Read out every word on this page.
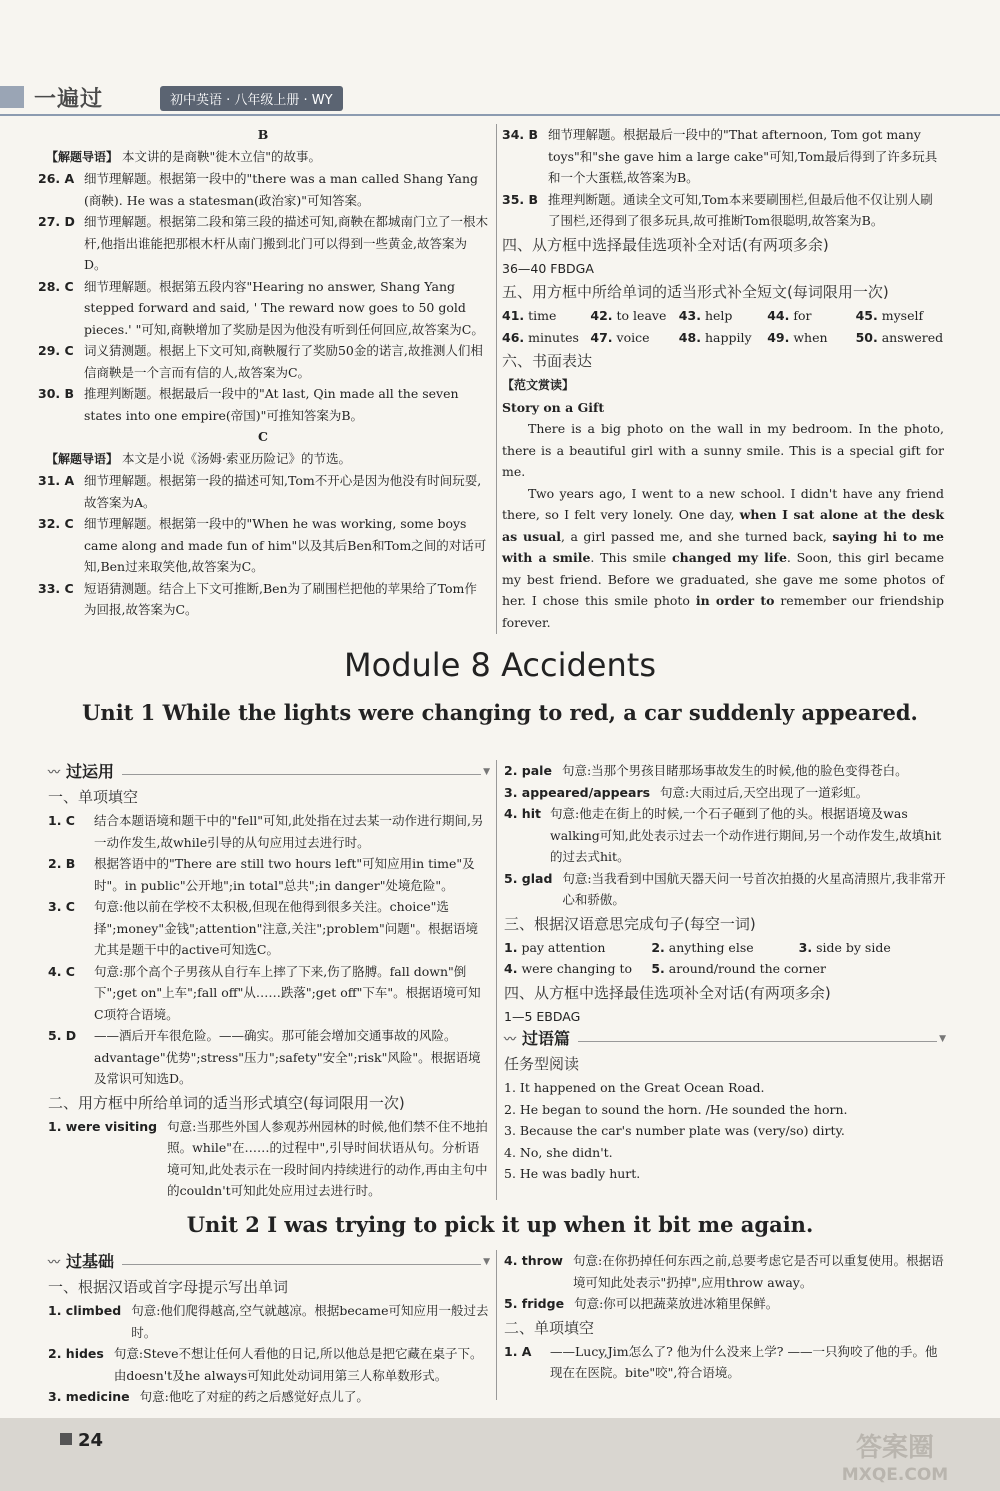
一遍过	初中英语 · 八年级上册 · WY

B

【解题导语】 本文讲的是商鞅"徙木立信"的故事。

26. A 细节理解题。根据第一段中的"there was a man called Shang Yang (商鞅). He was a statesman(政治家)"可知答案。
27. D 细节理解题。根据第二段和第三段的描述可知,商鞅在都城南门立了一根木杆,他指出谁能把那根木杆从南门搬到北门可以得到一些黄金,故答案为D。
28. C 细节理解题。根据第五段内容"Hearing no answer, Shang Yang stepped forward and said, ' The reward now goes to 50 gold pieces.' "可知,商鞅增加了奖励是因为他没有听到任何回应,故答案为C。
29. C 词义猜测题。根据上下文可知,商鞅履行了奖励50金的诺言,故推测人们相信商鞅是一个言而有信的人,故答案为C。
30. B 推理判断题。根据最后一段中的"At last, Qin made all the seven states into one empire(帝国)"可推知答案为B。

C

【解题导语】 本文是小说《汤姆·索亚历险记》的节选。

31. A 细节理解题。根据第一段的描述可知,Tom不开心是因为他没有时间玩耍,故答案为A。
32. C 细节理解题。根据第一段中的"When he was working, some boys came along and made fun of him"以及其后Ben和Tom之间的对话可知,Ben过来取笑他,故答案为C。
33. C 短语猜测题。结合上下文可推断,Ben为了刷围栏把他的苹果给了Tom作为回报,故答案为C。
34. B 细节理解题。根据最后一段中的"That afternoon, Tom got many toys"和"she gave him a large cake"可知,Tom最后得到了许多玩具和一个大蛋糕,故答案为B。
35. B 推理判断题。通读全文可知,Tom本来要刷围栏,但最后他不仅让别人刷了围栏,还得到了很多玩具,故可推断Tom很聪明,故答案为B。

四、从方框中选择最佳选项补全对话(有两项多余)

36—40 FBDGA

五、用方框中所给单词的适当形式补全短文(每词限用一次)

41. time	42. to leave 43. help	44. for	45. myself
46. minutes 47. voice	48. happily	49. when	50. answered

六、书面表达

【范文赏读】

Story on a Gift

There is a big photo on the wall in my bedroom. In the photo, there is a beautiful girl with a sunny smile. This is a special gift for me.

Two years ago, I went to a new school. I didn't have any friend there, so I felt very lonely. One day, when I sat alone at the desk as usual, a girl passed me, and she turned back, saying hi to me with a smile. This smile changed my life. Soon, this girl became my best friend. Before we graduated, she gave me some photos of her. I chose this smile photo in order to remember our friendship forever.

Module 8 Accidents
Unit 1 While the lights were changing to red, a car suddenly appeared.
〰 过运用	▼

一、单项填空

1. C	结合本题语境和题干中的"fell"可知,此处指在过去某一动作进行期间,另一动作发生,故while引导的从句应用过去进行时。
2. B	根据答语中的"There are still two hours left"可知应用in time"及时"。in public"公开地";in total"总共";in danger"处境危险"。
3. C	句意:他以前在学校不太积极,但现在他得到很多关注。choice"选择";money"金钱";attention"注意,关注";problem"问题"。根据语境尤其是题干中的active可知选C。
4. C	句意:那个高个子男孩从自行车上摔了下来,伤了胳膊。fall down"倒下";get on"上车";fall off"从……跌落";get off"下车"。根据语境可知C项符合语境。
5. D	——酒后开车很危险。——确实。那可能会增加交通事故的风险。advantage"优势";stress"压力";safety"安全";risk"风险"。根据语境及常识可知选D。

二、用方框中所给单词的适当形式填空(每词限用一次)

1. were visiting 句意:当那些外国人参观苏州园林的时候,他们禁不住不地拍照。while"在……的过程中",引导时间状语从句。分析语境可知,此处表示在一段时间内持续进行的动作,再由主句中的couldn't可知此处应用过去进行时。
2. pale 句意:当那个男孩目睹那场事故发生的时候,他的脸色变得苍白。
3. appeared/appears 句意:大雨过后,天空出现了一道彩虹。
4. hit 句意:他走在街上的时候,一个石子砸到了他的头。根据语境及was walking可知,此处表示过去一个动作进行期间,另一个动作发生,故填hit的过去式hit。
5. glad 句意:当我看到中国航天器天问一号首次拍摄的火星高清照片,我非常开心和骄傲。

三、根据汉语意思完成句子(每空一词)

1. pay attention	2. anything else	3. side by side
4. were changing to	5. around/round the corner

四、从方框中选择最佳选项补全对话(有两项多余)

1—5 EBDAG

〰 过语篇	▼

任务型阅读

1. It happened on the Great Ocean Road.

2. He began to sound the horn. /He sounded the horn.

3. Because the car's number plate was (very/so) dirty.

4. No, she didn't.

5. He was badly hurt.

Unit 2 I was trying to pick it up when it bit me again.
〰 过基础	▼

一、根据汉语或首字母提示写出单词

1. climbed 句意:他们爬得越高,空气就越凉。根据became可知应用一般过去时。
2. hides 句意:Steve不想让任何人看他的日记,所以他总是把它藏在桌子下。由doesn't及he always可知此处动词用第三人称单数形式。
3. medicine 句意:他吃了对症的药之后感觉好点儿了。
4. throw 句意:在你扔掉任何东西之前,总要考虑它是否可以重复使用。根据语境可知此处表示"扔掉",应用throw away。
5. fridge 句意:你可以把蔬菜放进冰箱里保鲜。

二、单项填空

1. A	——Lucy,Jim怎么了? 他为什么没来上学? ——一只狗咬了他的手。他现在在医院。bite"咬",符合语境。
24	答案圈
MXQE.COM
